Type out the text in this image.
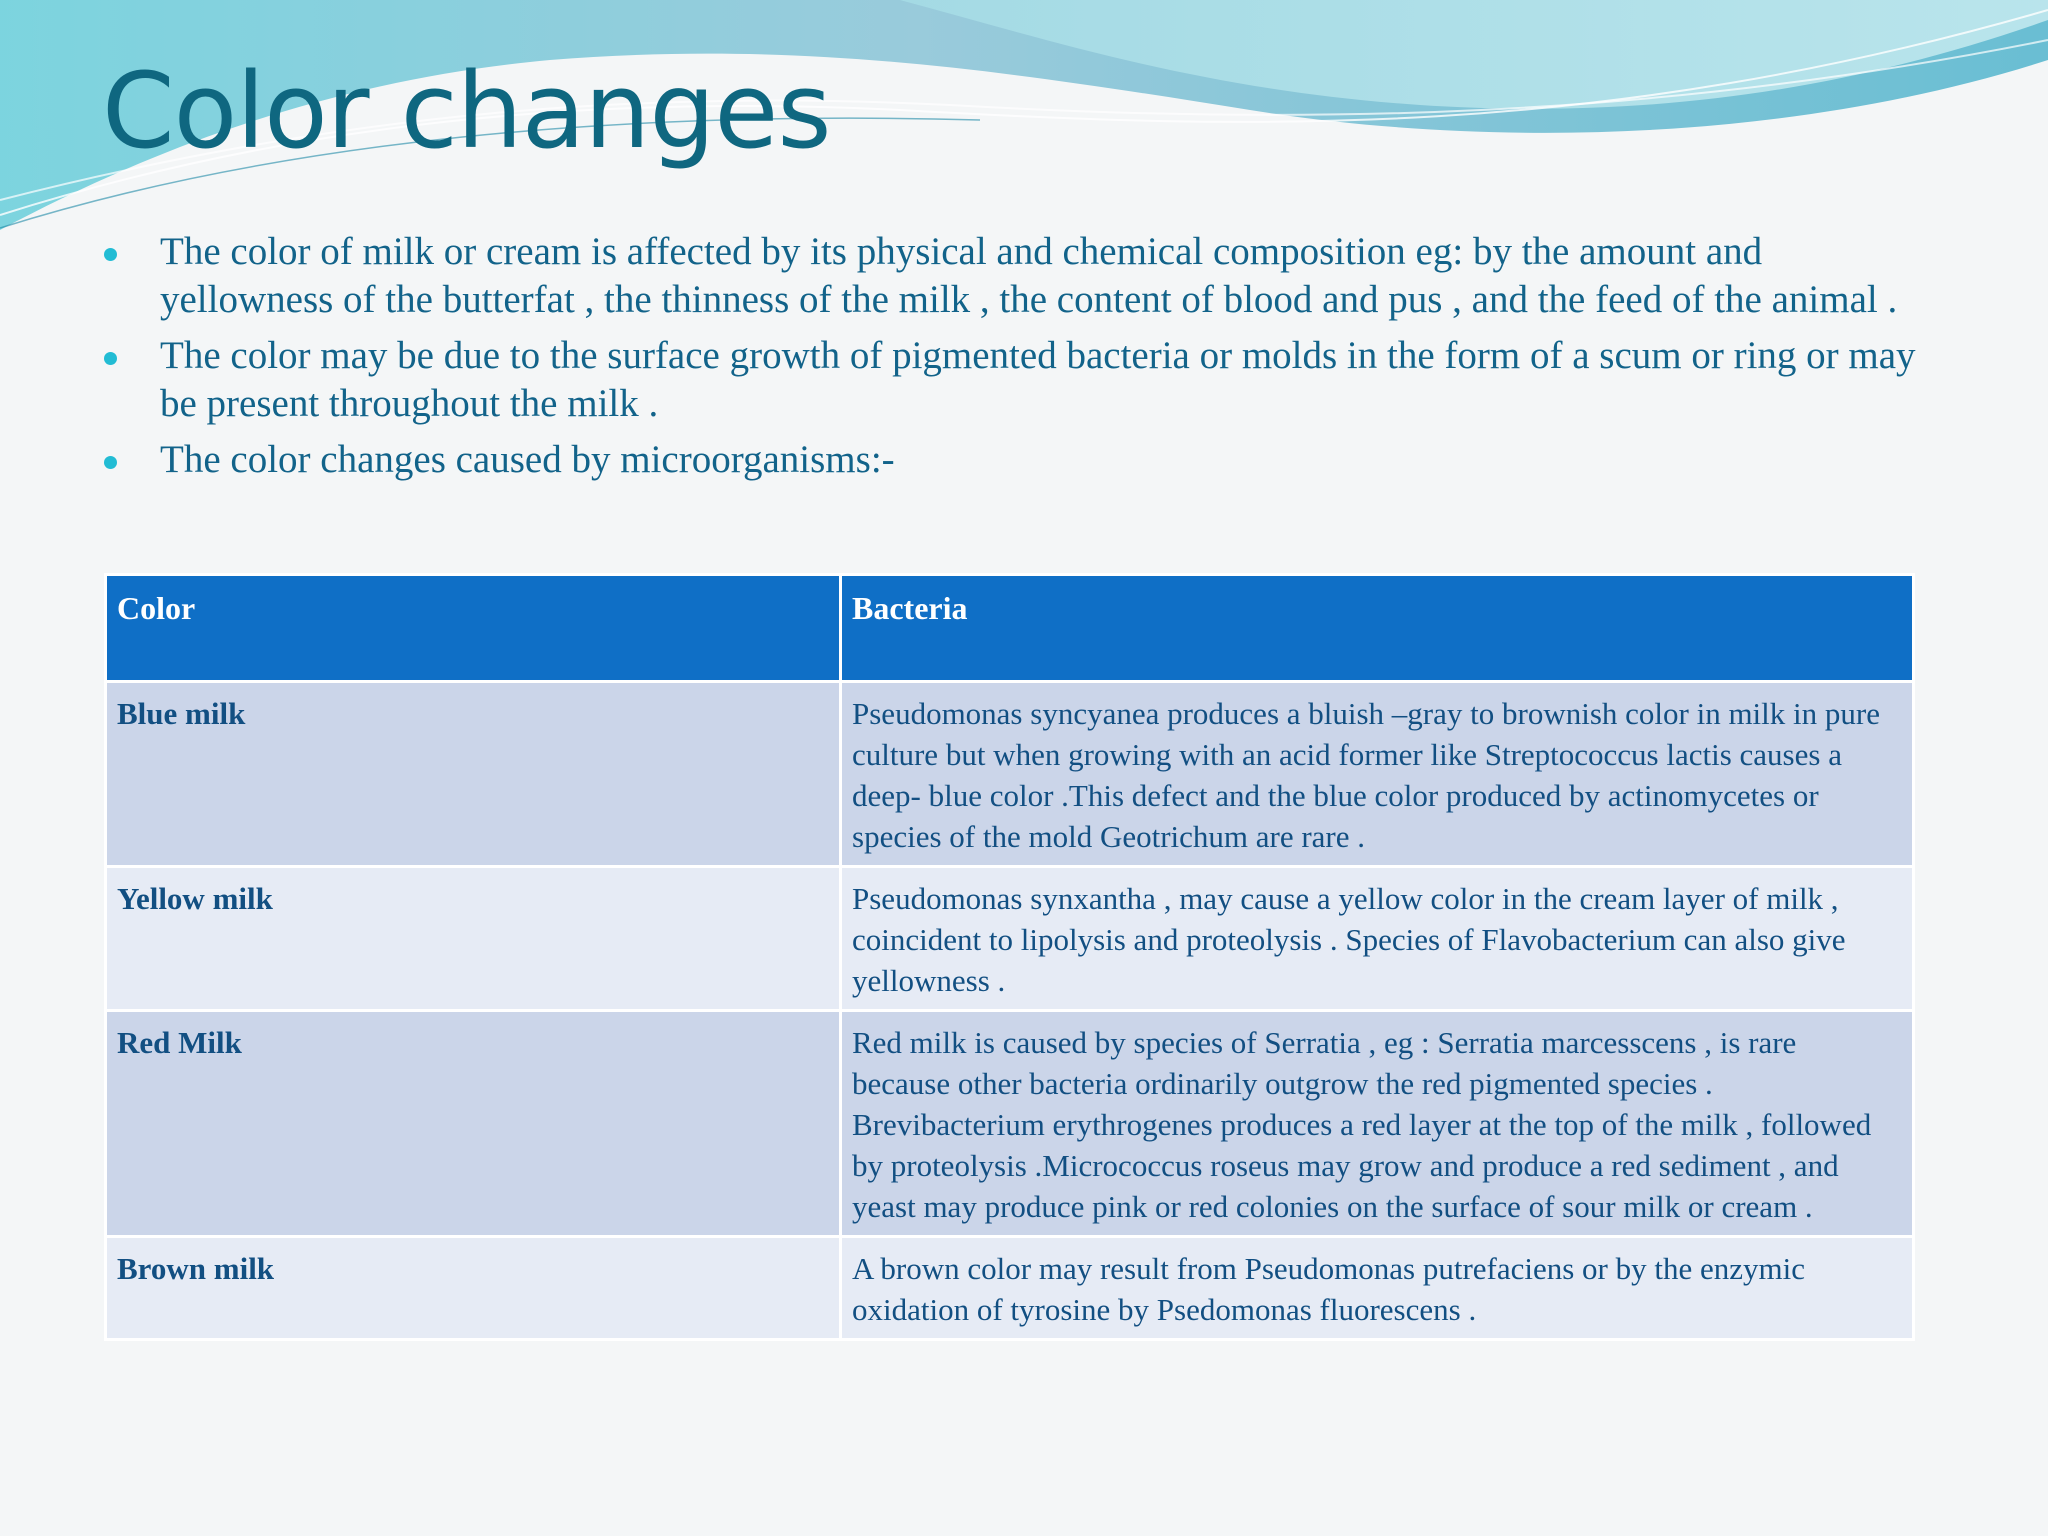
Color changes
The color of milk or cream is affected by its physical and chemical composition eg: by the amount and yellowness of the butterfat , the thinness of the milk , the content of blood and pus , and the feed of the animal .
The color may be due to the surface growth of pigmented bacteria or molds in the form of a scum or ring or may be present throughout the milk .
The color changes caused by microorganisms:-
Color	Bacteria
Blue milk	Pseudomonas syncyanea produces a bluish –gray to brownish color in milk in pure culture but when growing with an acid former like Streptococcus lactis causes a deep- blue color .This defect and the blue color produced by actinomycetes or species of the mold Geotrichum are rare .
Yellow milk	Pseudomonas synxantha , may cause a yellow color in the cream layer of milk , coincident to lipolysis and proteolysis . Species of Flavobacterium can also give yellowness .
Red Milk	Red milk is caused by species of Serratia , eg : Serratia marcesscens , is rare because other bacteria ordinarily outgrow the red pigmented species . Brevibacterium erythrogenes produces a red layer at the top of the milk , followed by proteolysis .Micrococcus roseus may grow and produce a red sediment , and yeast may produce pink or red colonies on the surface of sour milk or cream .
Brown milk	A brown color may result from Pseudomonas putrefaciens or by the enzymic oxidation of tyrosine by Psedomonas fluorescens .
